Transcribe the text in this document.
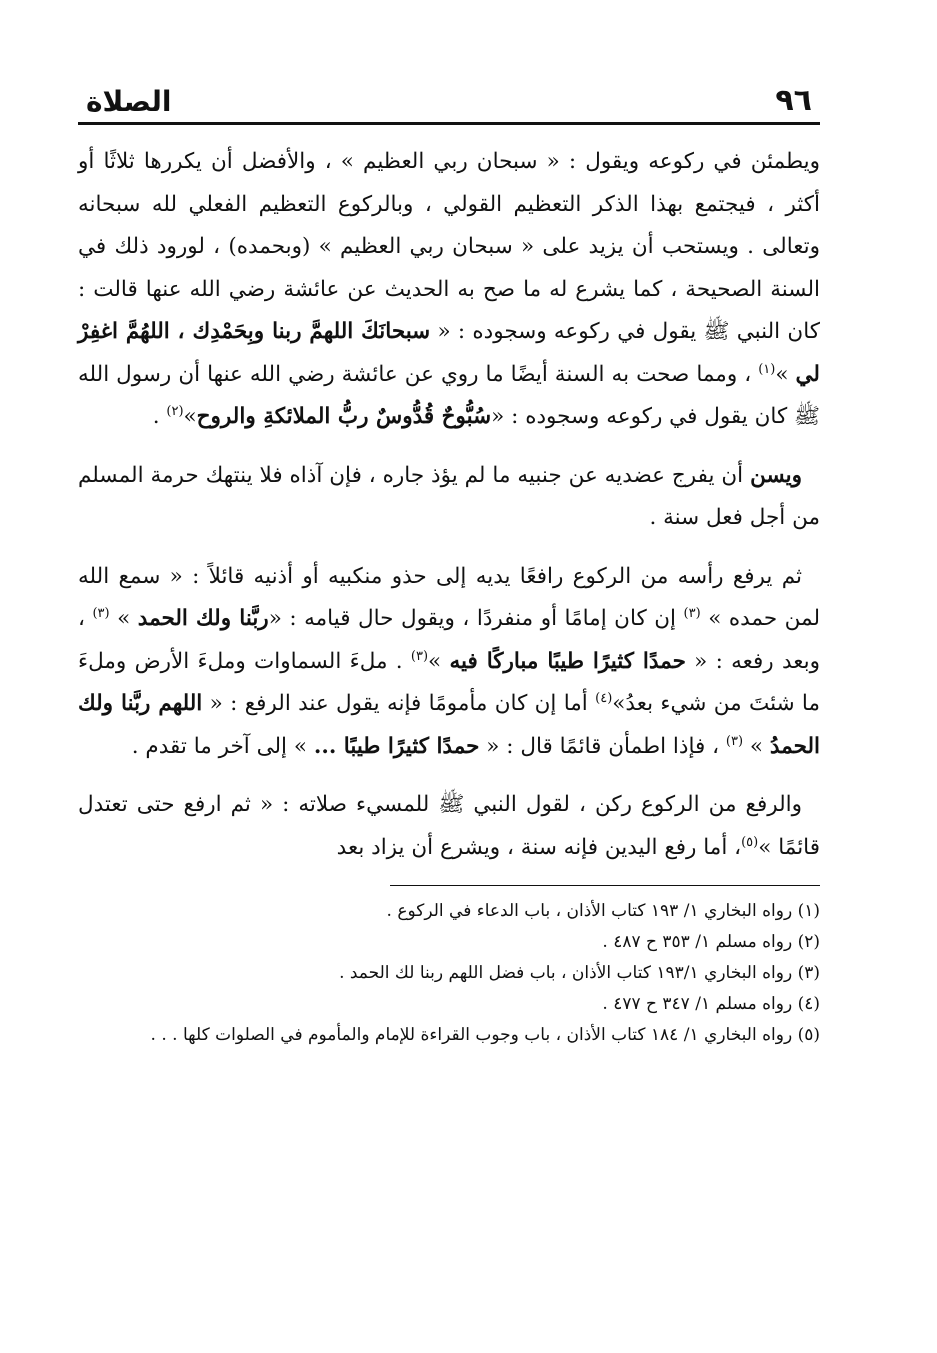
٩٦
الصلاة

ويطمئن في ركوعه ويقول : « سبحان ربي العظيم » ، والأفضل أن يكررها ثلاثًا أو أكثر ، فيجتمع بهذا الذكر التعظيم القولي ، وبالركوع التعظيم الفعلي لله سبحانه وتعالى . ويستحب أن يزيد على « سبحان ربي العظيم » (وبحمده) ، لورود ذلك في السنة الصحيحة ، كما يشرع له ما صح به الحديث عن عائشة رضي الله عنها قالت : كان النبي ﷺ يقول في ركوعه وسجوده : « سبحانَكَ اللهمَّ ربنا وبِحَمْدِك ، اللهُمَّ اغفِرْ لي »$^{(١)}$ ، ومما صحت به السنة أيضًا ما روي عن عائشة رضي الله عنها أن رسول الله ﷺ كان يقول في ركوعه وسجوده : «سُبُّوحٌ قُدُّوسٌ ربُّ الملائكةِ والروح»$^{(٢)}$ .

ويسن أن يفرج عضديه عن جنبيه ما لم يؤذ جاره ، فإن آذاه فلا ينتهك حرمة المسلم من أجل فعل سنة .

ثم يرفع رأسه من الركوع رافعًا يديه إلى حذو منكبيه أو أذنيه قائلاً : « سمع الله لمن حمده » $^{(٣)}$ إن كان إمامًا أو منفردًا ، ويقول حال قيامه : «ربَّنا ولك الحمد » $^{(٣)}$ ، وبعد رفعه : « حمدًا كثيرًا طيبًا مباركًا فيه »$^{(٣)}$ . ملءَ السماوات وملءَ الأرض وملءَ ما شئتَ من شيء بعدُ»$^{(٤)}$ أما إن كان مأمومًا فإنه يقول عند الرفع : « اللهم ربَّنا ولك الحمدُ » $^{(٣)}$ ، فإذا اطمأن قائمًا قال : « حمدًا كثيرًا طيبًا ... » إلى آخر ما تقدم .

والرفع من الركوع ركن ، لقول النبي ﷺ للمسيء صلاته : « ثم ارفع حتى تعتدل قائمًا »$^{(٥)}$، أما رفع اليدين فإنه سنة ، ويشرع أن يزاد بعد

(١) رواه البخاري ١/ ١٩٣ كتاب الأذان ، باب الدعاء في الركوع .

(٢) رواه مسلم ١/ ٣٥٣ ح ٤٨٧ .

(٣) رواه البخاري ١٩٣/١ كتاب الأذان ، باب فضل اللهم ربنا لك الحمد .

(٤) رواه مسلم ١/ ٣٤٧ ح ٤٧٧ .

(٥) رواه البخاري ١/ ١٨٤ كتاب الأذان ، باب وجوب القراءة للإمام والمأموم في الصلوات كلها . . .
